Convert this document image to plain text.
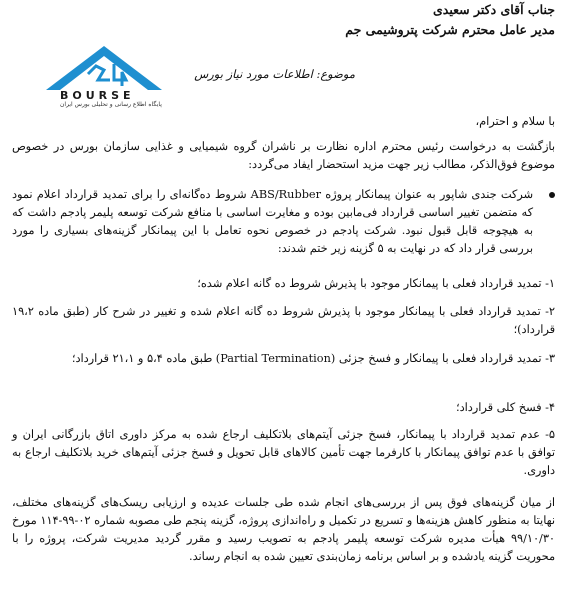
جناب آقای دکتر سعیدی
مدیر عامل محترم شرکت پتروشیمی جم
BOURSE
پایگاه اطلاع رسانی و تحلیلی بورس ایران
موضوع: اطلاعات مورد نیاز بورس
با سلام و احترام،
بازگشت به درخواست رئیس محترم اداره نظارت بر ناشران گروه شیمیایی و غذایی سازمان بورس در خصوص موضوع فوق‌الذکر، مطالب زیر جهت مزید استحضار ایفاد می‌گردد:
شرکت جندی شاپور به عنوان پیمانکار پروژه ABS/Rubber شروط ده‌گانه‌ای را برای تمدید قرارداد اعلام نمود که متضمن تغییر اساسی قرارداد فی‌مابین بوده و مغایرت اساسی با منافع شرکت توسعه پلیمر پادجم داشت که به هیچوجه قابل قبول نبود. شرکت پادجم در خصوص نحوه تعامل با این پیمانکار گزینه‌های بسیاری را مورد بررسی قرار داد که در نهایت به ۵ گزینه زیر ختم شدند:
۱- تمدید قرارداد فعلی با پیمانکار موجود با پذیرش شروط ده گانه اعلام شده؛
۲- تمدید قرارداد فعلی با پیمانکار موجود با پذیرش شروط ده گانه اعلام شده و تغییر در شرح کار (طبق ماده ۱۹،۲ قرارداد)؛
۳- تمدید قرارداد فعلی با پیمانکار و فسخ جزئی (Partial Termination) طبق ماده ۵،۴ و ۲۱،۱ قرارداد؛
۴- فسخ کلی قرارداد؛
۵- عدم تمدید قرارداد با پیمانکار، فسخ جزئی آیتم‌های بلاتکلیف ارجاع شده به مرکز داوری اتاق بازرگانی ایران و توافق با عدم توافق پیمانکار با کارفرما جهت تأمین کالاهای قابل تحویل و فسخ جزئی آیتم‌های خرید بلاتکلیف ارجاع به داوری.
از میان گزینه‌های فوق پس از بررسی‌های انجام شده طی جلسات عدیده و ارزیابی ریسک‌های گزینه‌های مختلف، نهایتا به منظور کاهش هزینه‌ها و تسریع در تکمیل و راه‌اندازی پروژه، گزینه پنجم طی مصوبه شماره ۰۲-۹۹-۱۱۴ مورخ ۹۹/۱۰/۳۰ هیأت مدیره شرکت توسعه پلیمر پادجم به تصویب رسید و مقرر گردید مدیریت شرکت، پروژه را با محوریت گزینه یادشده و بر اساس برنامه زمان‌بندی تعیین شده به انجام رساند.
